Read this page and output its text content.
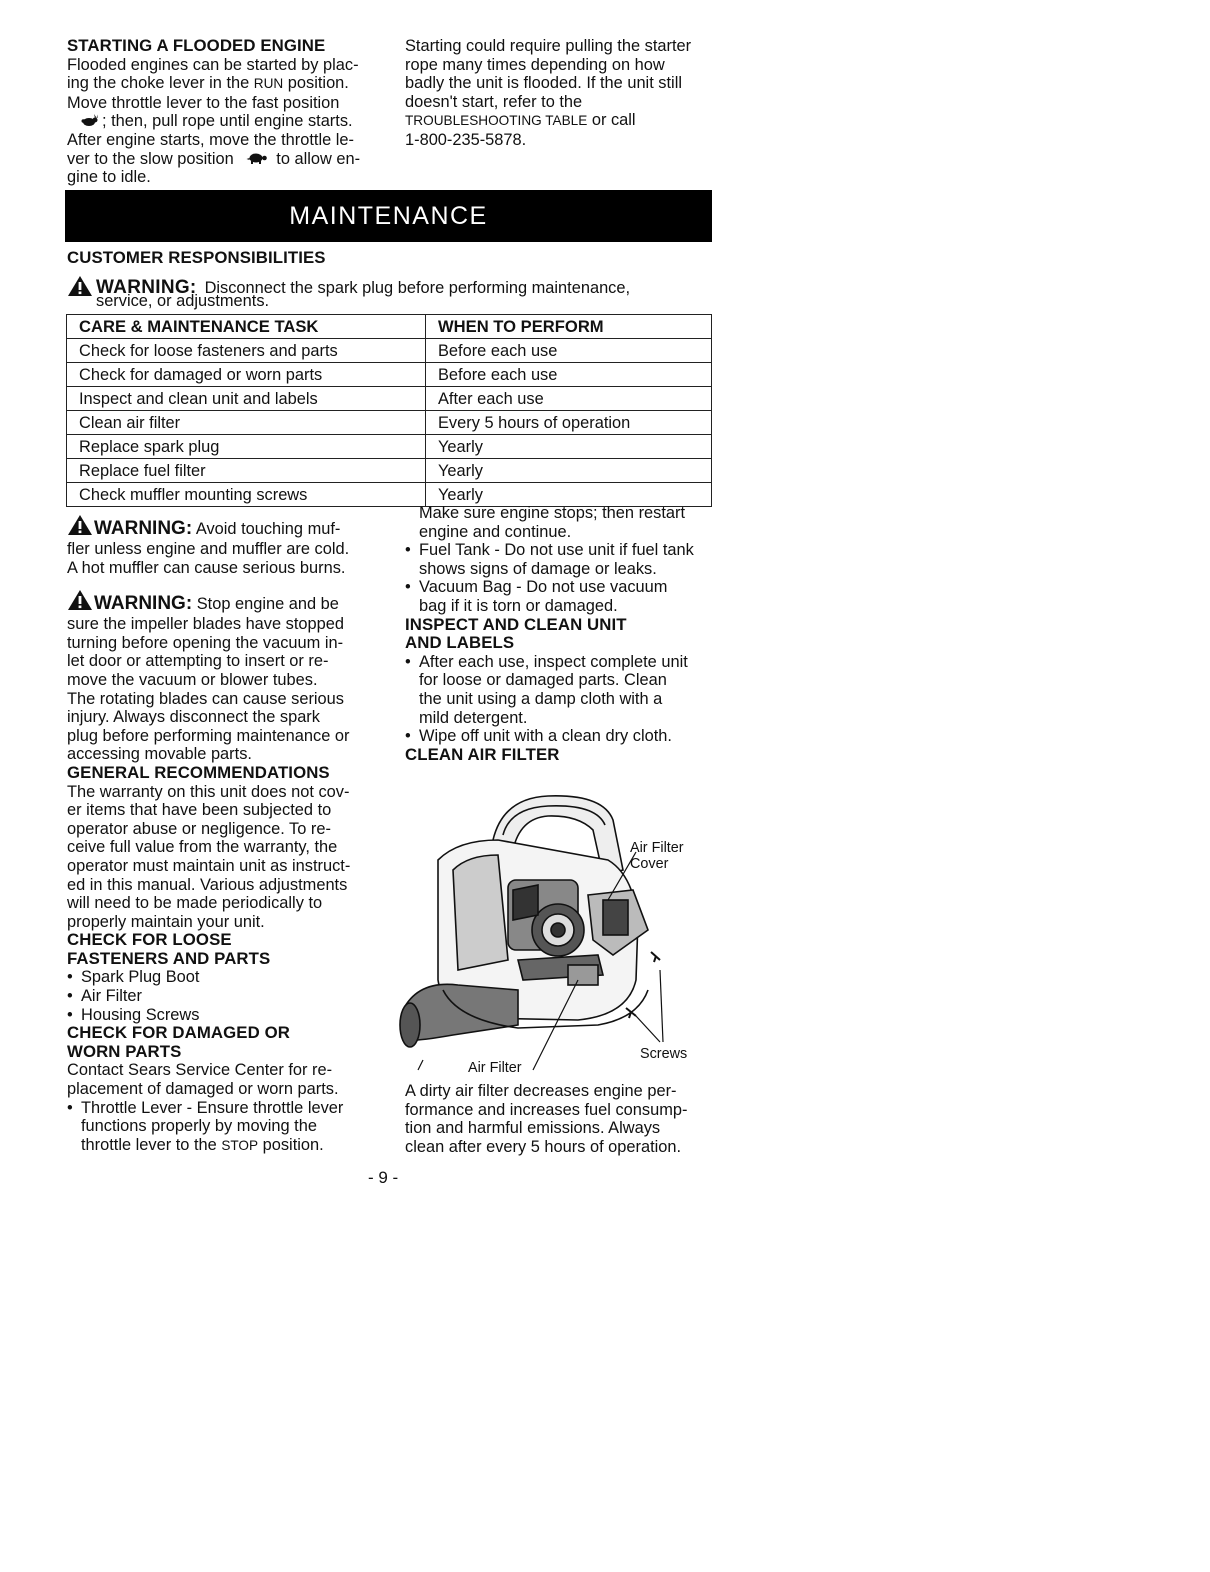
STARTING A FLOODED ENGINE

Flooded engines can be started by plac-

ing the choke lever in the RUN position.

Move throttle lever to the fast position

; then, pull rope until engine starts.

After engine starts, move the throttle le-

ver to the slow position	to allow en-

gine to idle.

Starting could require pulling the starter

rope many times depending on how

badly the unit is flooded. If the unit still

doesn't start, refer to the

TROUBLESHOOTING TABLE or call

1-800-235-5878.

MAINTENANCE

CUSTOMER RESPONSIBILITIES

WARNING: Disconnect the spark plug before performing maintenance,

service, or adjustments.

CARE & MAINTENANCE TASK	WHEN TO PERFORM
Check for loose fasteners and parts	Before each use
Check for damaged or worn parts	Before each use
Inspect and clean unit and labels	After each use
Clean air filter	Every 5 hours of operation
Replace spark plug	Yearly
Replace fuel filter	Yearly
Check muffler mounting screws	Yearly

WARNING: Avoid touching muf-

fler unless engine and muffler are cold.

A hot muffler can cause serious burns.

WARNING: Stop engine and be

sure the impeller blades have stopped

turning before opening the vacuum in-

let door or attempting to insert or re-

move the vacuum or blower tubes.

The rotating blades can cause serious

injury. Always disconnect the spark

plug before performing maintenance or

accessing movable parts.

GENERAL RECOMMENDATIONS

The warranty on this unit does not cov-

er items that have been subjected to

operator abuse or negligence. To re-

ceive full value from the warranty, the

operator must maintain unit as instruct-

ed in this manual. Various adjustments

will need to be made periodically to

properly maintain your unit.

CHECK FOR LOOSE

FASTENERS AND PARTS

• Spark Plug Boot

• Air Filter

• Housing Screws

CHECK FOR DAMAGED OR

WORN PARTS

Contact Sears Service Center for re-

placement of damaged or worn parts.

• Throttle Lever - Ensure throttle lever

functions properly by moving the

throttle lever to the STOP position.

Make sure engine stops; then restart

engine and continue.

• Fuel Tank - Do not use unit if fuel tank

shows signs of damage or leaks.

• Vacuum Bag - Do not use vacuum

bag if it is torn or damaged.

INSPECT AND CLEAN UNIT

AND LABELS

• After each use, inspect complete unit

for loose or damaged parts. Clean

the unit using a damp cloth with a

mild detergent.

• Wipe off unit with a clean dry cloth.

CLEAN AIR FILTER

Air Filter
Cover
Screws
Air Filter

A dirty air filter decreases engine per-

formance and increases fuel consump-

tion and harmful emissions. Always

clean after every 5 hours of operation.

- 9 -
